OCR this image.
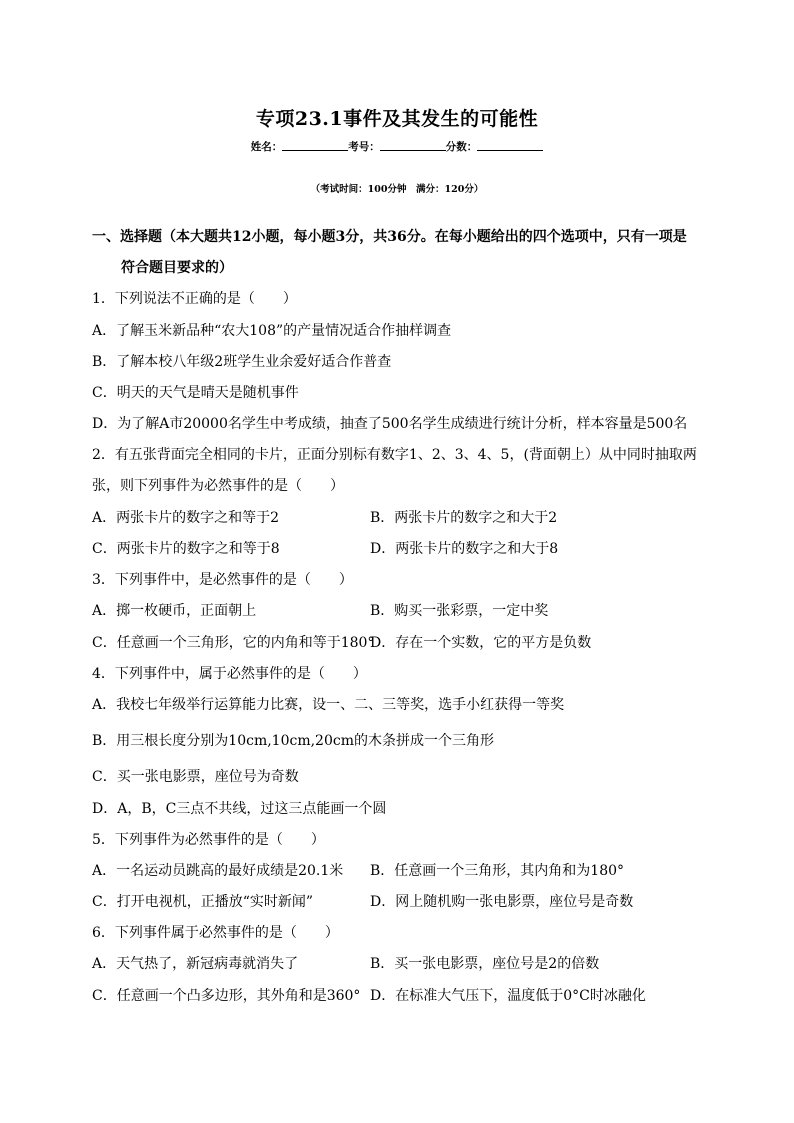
专项23.1事件及其发生的可能性
姓名：	考号：	分数：
（考试时间：100分钟　满分：120分）
一、选择题（本大题共12小题，每小题3分，共36分。在每小题给出的四个选项中，只有一项是
符合题目要求的）
1．下列说法不正确的是（　　）
A．了解玉米新品种“农大108”的产量情况适合作抽样调查
B．了解本校八年级2班学生业余爱好适合作普查
C．明天的天气是晴天是随机事件
D．为了解A市20000名学生中考成绩，抽查了500名学生成绩进行统计分析，样本容量是500名
2．有五张背面完全相同的卡片，正面分别标有数字1、2、3、4、5，(背面朝上）从中同时抽取两
张，则下列事件为必然事件的是（　　）
A．两张卡片的数字之和等于2	B．两张卡片的数字之和大于2
C．两张卡片的数字之和等于8	D．两张卡片的数字之和大于8
3．下列事件中，是必然事件的是（　　）
A．掷一枚硬币，正面朝上	B．购买一张彩票，一定中奖
C．任意画一个三角形，它的内角和等于180°
D．存在一个实数，它的平方是负数
4．下列事件中，属于必然事件的是（　　）
A．我校七年级举行运算能力比赛，设一、二、三等奖，选手小红获得一等奖
B．用三根长度分别为10cm,10cm,20cm的木条拼成一个三角形
C．买一张电影票，座位号为奇数
D．A，B，C三点不共线，过这三点能画一个圆
5．下列事件为必然事件的是（　　）
A．一名运动员跳高的最好成绩是20.1米 B．任意画一个三角形，其内角和为180°
C．打开电视机，正播放“实时新闻”	D．网上随机购一张电影票，座位号是奇数
6．下列事件属于必然事件的是（　　）
A．天气热了，新冠病毒就消失了	B．买一张电影票，座位号是2的倍数
C．任意画一个凸多边形，其外角和是360° D．在标准大气压下，温度低于0°C时冰融化
